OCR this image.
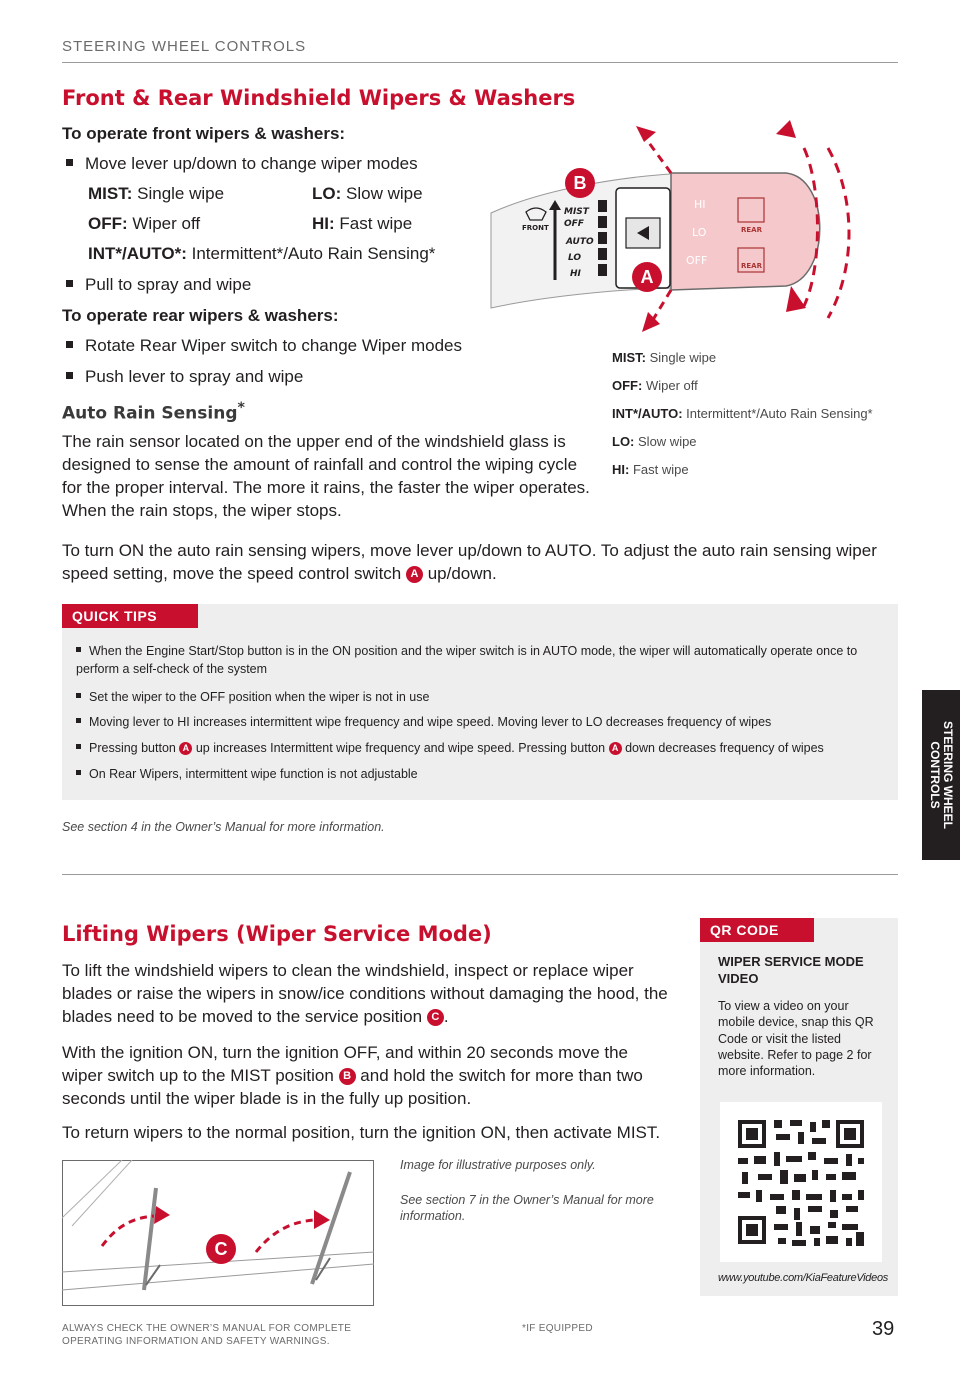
STEERING WHEEL CONTROLS
Front & Rear Windshield Wipers & Washers
To operate front wipers & washers:
Move lever up/down to change wiper modes
MIST: Single wipe	LO: Slow wipe
OFF: Wiper off	HI: Fast wipe
INT*/AUTO*: Intermittent*/Auto Rain Sensing*
Pull to spray and wipe
To operate rear wipers & washers:
Rotate Rear Wiper switch to change Wiper modes
Push lever to spray and wipe
Auto Rain Sensing*
The rain sensor located on the upper end of the windshield glass is designed to sense the amount of rainfall and control the wiping cycle for the proper interval. The more it rains, the faster the wiper operates. When the rain stops, the wiper stops.
To turn ON the auto rain sensing wipers, move lever up/down to AUTO. To adjust the auto rain sensing wiper speed setting, move the speed control switch A up/down.
MIST
OFF
AUTO
LO
HI
FRONT
HI
LO
OFF
REAR
REAR
B
A
MIST: Single wipe
OFF: Wiper off
INT*/AUTO: Intermittent*/Auto Rain Sensing*
LO: Slow wipe
HI: Fast wipe
QUICK TIPS
When the Engine Start/Stop button is in the ON position and the wiper switch is in AUTO mode, the wiper will automatically operate once to perform a self-check of the system
Set the wiper to the OFF position when the wiper is not in use
Moving lever to HI increases intermittent wipe frequency and wipe speed. Moving lever to LO decreases frequency of wipes
Pressing button A up increases Intermittent wipe frequency and wipe speed. Pressing button A down decreases frequency of wipes
On Rear Wipers, intermittent wipe function is not adjustable
See section 4 in the Owner’s Manual for more information.
Lifting Wipers (Wiper Service Mode)
To lift the windshield wipers to clean the windshield, inspect or replace wiper blades or raise the wipers in snow/ice conditions without damaging the hood, the blades need to be moved to the service position C .
With the ignition ON, turn the ignition OFF, and within 20 seconds move the wiper switch up to the MIST position B and hold the switch for more than two seconds until the wiper blade is in the fully up position.
To return wipers to the normal position, turn the ignition ON, then activate MIST.
C
Image for illustrative purposes only.
See section 7 in the Owner’s Manual for more information.
QR CODE
WIPER SERVICE MODE VIDEO
To view a video on your mobile device, snap this QR Code or visit the listed website. Refer to page 2 for more information.
www.youtube.com/KiaFeatureVideos
STEERING WHEEL
CONTROLS
ALWAYS CHECK THE OWNER’S MANUAL FOR COMPLETE
OPERATING INFORMATION AND SAFETY WARNINGS.
*IF EQUIPPED	39
